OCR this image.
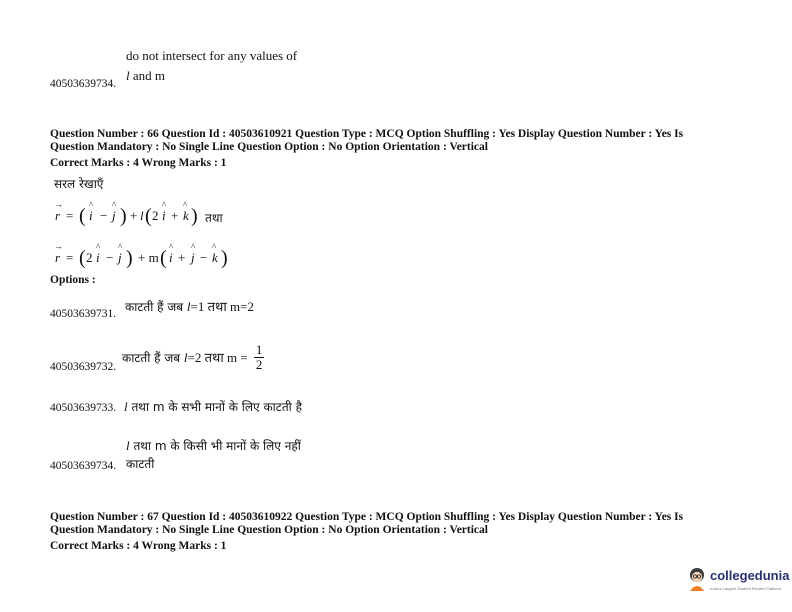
do not intersect for any values of
l and m
40503639734.
Question Number : 66 Question Id : 40503610921 Question Type : MCQ Option Shuffling : Yes Display Question Number : Yes Is
Question Mandatory : No Single Line Question Option : No Option Orientation : Vertical
Correct Marks : 4 Wrong Marks : 1
सरल रेखाएँ
→
r = ( ^
i −
^
j ) + l ( 2
^
i +
^
k ) तथा
→
r = ( 2
^
i −
^
j ) + m ( ^
i +
^
j −
^
k )
Options :
काटती हैं जब l=1 तथा m=2
40503639731.
काटती हैं जब l=2 तथा $m = \frac{1}{2}$
40503639732.
l तथा m के सभी मानों के लिए काटती है
40503639733.
l तथा m के किसी भी मानों के लिए नहीं
काटती
40503639734.
Question Number : 67 Question Id : 40503610922 Question Type : MCQ Option Shuffling : Yes Display Question Number : Yes Is
Question Mandatory : No Single Line Question Option : No Option Orientation : Vertical
Correct Marks : 4 Wrong Marks : 1
collegedunia
India's Largest Student Review Platform
